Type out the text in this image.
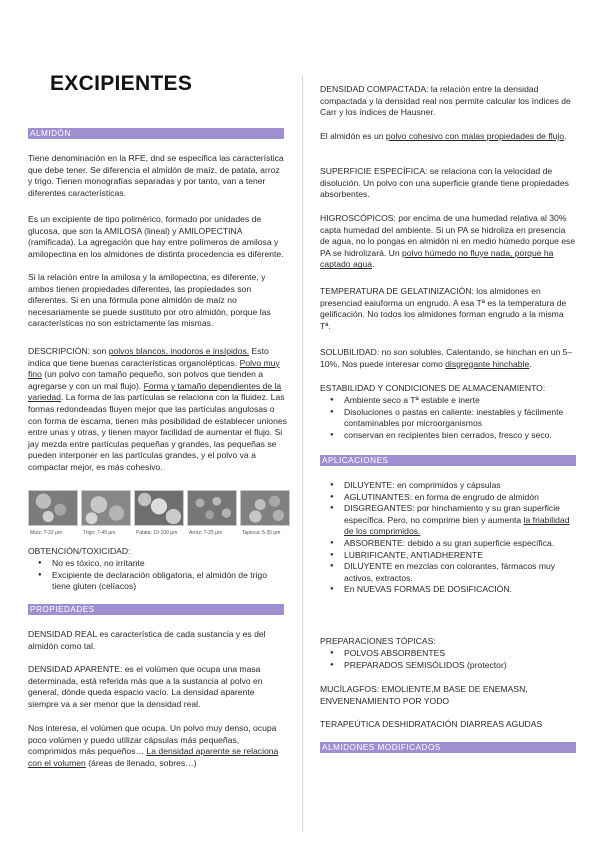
EXCIPIENTES
ALMIDÓN
Tiene denominación en la RFE, dnd se especifica las característica que debe tener. Se diferencia el almidón de maíz, de patata, arroz y trigo. Tienen monografías separadas y por tanto, van a tener diferentes características.
Es un excipiente de tipo polimérico, formado por unidades de glucosa, que son la AMILOSA (lineal) y AMILOPECTINA (ramificada). La agregación que hay entre polímeros de amilosa y amilopectina en los almidones de distinta procedencia es diferente.
Si la relación entre la amilosa y la amilopectina, es diferente, y ambos tienen propiedades diferentes, las propiedades son diferentes. Si en una fórmula pone almidón de maíz no necesariamente se puede sustituto por otro almidón, porque las características no son estrictamente las mismas.
DESCRIPCIÓN: son polvos blancos, inodoros e insípidos. Esto indica que tiene buenas características organolépticas. Polvo muy fino (un polvo con tamaño pequeño, son polvos que tienden a agregarse y con un mal flujo). Forma y tamaño dependientes de la variedad. La forma de las partículas se relaciona con la fluidez. Las formas redondeadas fluyen mejor que las partículas angulosas o con forma de escama, tienen más posibilidad de establecer uniones entre unas y otras, y tienen mayor facilidad de aumentar el flujo. Si jay mezda entre partículas pequeñas y grandes, las pequeñas se pueden interponer en las partículas grandes, y el polvo va a compactar mejor, es más cohesivo.
Maíz: 7-32 µm	Trigo: 7-45 µm	Patata: 10-100 µm	Arroz: 7-25 µm	Tapioca: 5-35 µm
OBTENCIÓN/TOXICIDAD:
● No es tóxico, no irritante
● Excipiente de declaración obligatoria, el almidón de trigo tiene gluten (celíacos)
PROPIEDADES
DENSIDAD REAL es característica de cada sustancia y es del almidón como tal.
DENSIDAD APARENTE: es el volúmen que ocupa una masa determinada, está referida más que a la sustancia al polvo en general, dónde queda espacio vacío. La densidad aparente siempre va a ser menor que la densidad real.
Nos interesa, el volúmen que ocupa. Un polvo muy denso, ocupa poco volúmen y puedo utilizar cápsulas más pequeñas, comprimidos más pequeños… La densidad aparente se relaciona con el volumen (áreas de llenado, sobres…)
DENSIDAD COMPACTADA: la relación entre la densidad compactada y la densidad real nos permite calcular los índices de Carr y los índices de Hausner.
El almidón es un polvo cohesivo con malas propiedades de flujo.
SUPERFICIE ESPECÍFICA: se relaciona con la velocidad de disolución. Un polvo con una superficie grande tiene propiedades absorbentes.
HIGROSCÓPICOS: por encima de una humedad relativa al 30% capta humedad del ambiente. Si un PA se hidroliza en presencia de agua, no lo pongas en almidón ni en medio húmedo porque ese PA se hidrolizará. Un polvo húmedo no fluye nada, porque ha captado agua.
TEMPERATURA DE GELATINIZACIÓN: los almidones en presenciad eaiuforma un engrudo. A esa Tª es la temperatura de gelificación. No todos los almidones forman engrudo a la misma Tª.
SOLUBILIDAD: no son solubles. Calentando, se hinchan en un 5–10%. Nos puede interesar como disgregante hinchable.
ESTABILIDAD Y CONDICIONES DE ALMACENAMIENTO:
● Ambiente seco a Tª estable e inerte
● Disoluciones o pastas en caliente: inestables y fácilmente contaminables por microorganismos
● conservan en recipientes bien cerrados, fresco y seco.
APLICACIONES
● DILUYENTE: en comprimidos y cápsulas
● AGLUTINANTES: en forma de engrudo de almidón
● DISGREGANTES: por hinchamiento y su gran superficie específica. Pero, no comprime bien y aumenta la friabilidad de los comprimidos.
● ABSORBENTE: debido a su gran superficie específica.
● LUBRIFICANTE, ANTIADHERENTE
● DILUYENTE en mezclas con colorantes, fármacos muy activos, extractos.
● En NUEVAS FORMAS DE DOSIFICACIÓN.
PREPARACIONES TÓPICAS:
● POLVOS ABSORBENTES
● PREPARADOS SEMISÓLIDOS (protector)
MUCÍLAGFOS: EMOLIENTE,M BASE DE ENEMASN, ENVENENAMIENTO POR YODO
TERAPEÚTICA DESHIDRATACIÓN DIARREAS AGUDAS
ALMIDONES MODIFICADOS
